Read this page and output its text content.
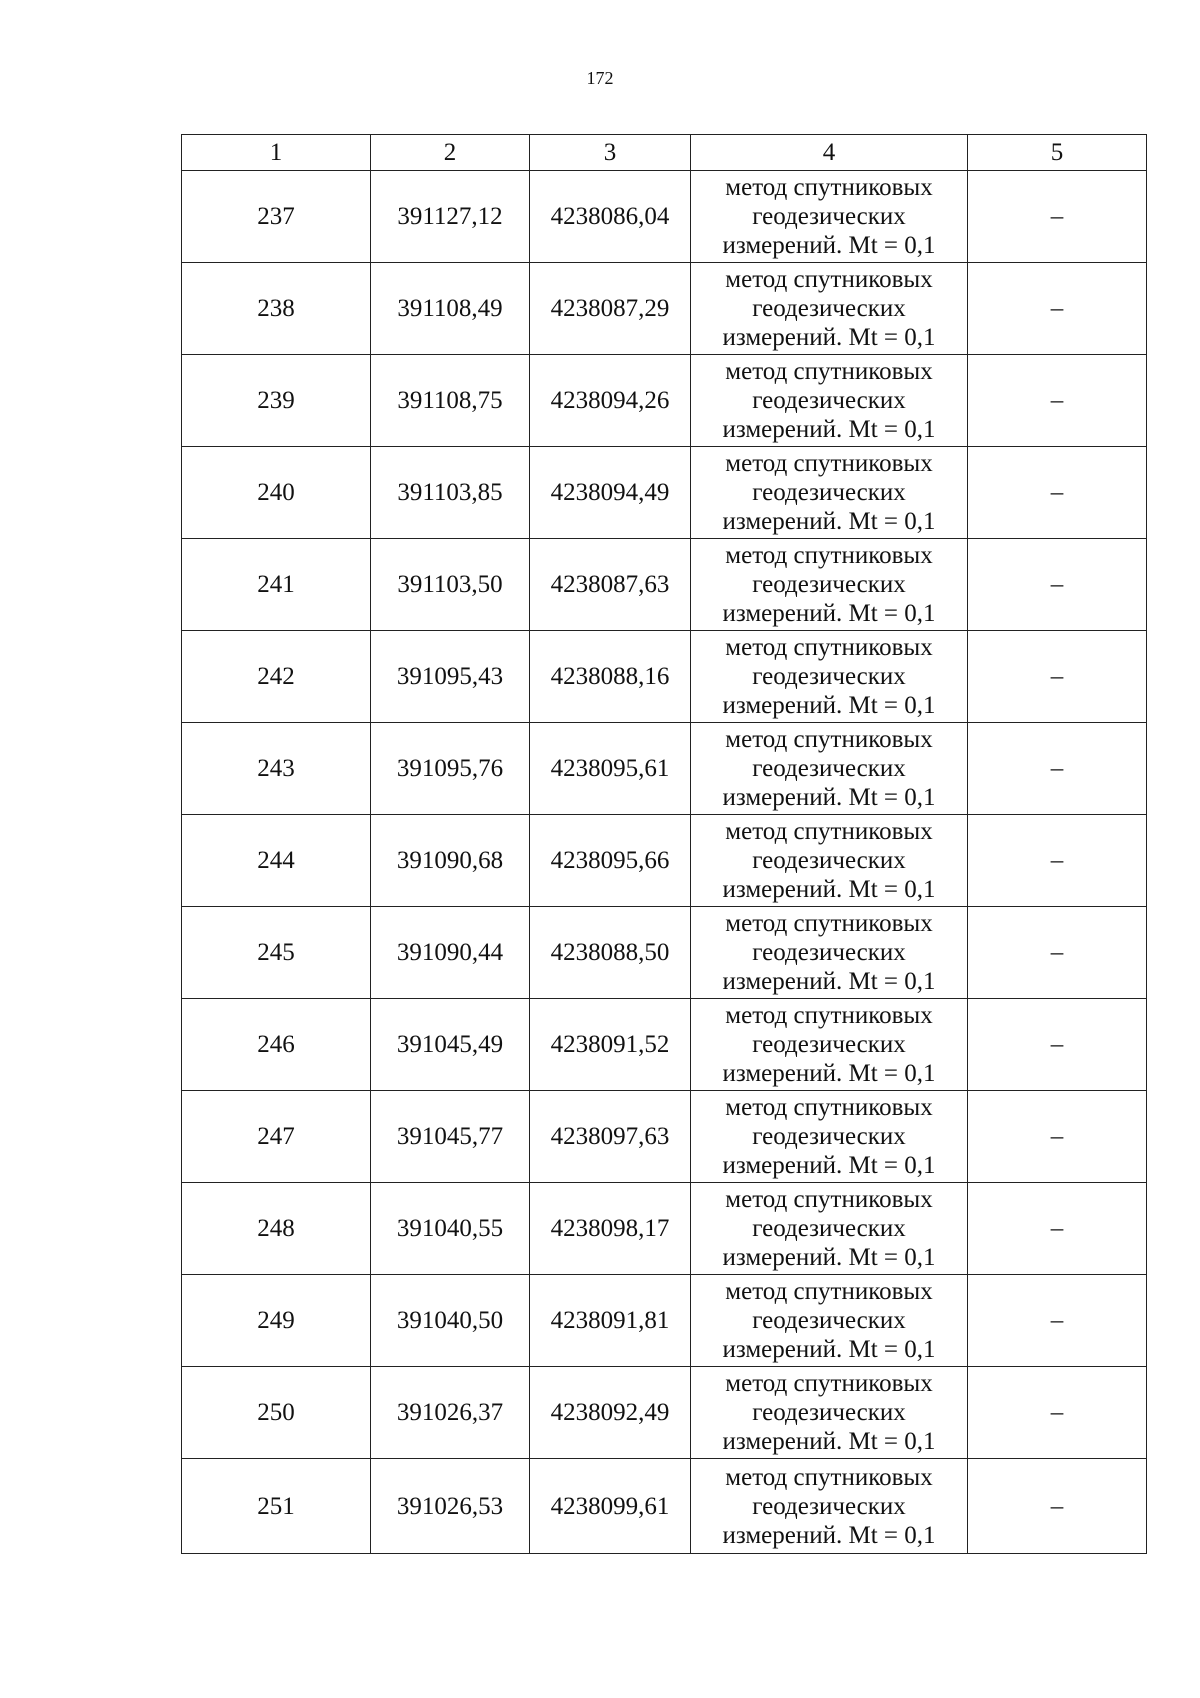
172
1	2	3	4	5
237	391127,12	4238086,04	метод спутниковых
геодезических
измерений. Mt = 0,1	–
238	391108,49	4238087,29	метод спутниковых
геодезических
измерений. Mt = 0,1	–
239	391108,75	4238094,26	метод спутниковых
геодезических
измерений. Mt = 0,1	–
240	391103,85	4238094,49	метод спутниковых
геодезических
измерений. Mt = 0,1	–
241	391103,50	4238087,63	метод спутниковых
геодезических
измерений. Mt = 0,1	–
242	391095,43	4238088,16	метод спутниковых
геодезических
измерений. Mt = 0,1	–
243	391095,76	4238095,61	метод спутниковых
геодезических
измерений. Mt = 0,1	–
244	391090,68	4238095,66	метод спутниковых
геодезических
измерений. Mt = 0,1	–
245	391090,44	4238088,50	метод спутниковых
геодезических
измерений. Mt = 0,1	–
246	391045,49	4238091,52	метод спутниковых
геодезических
измерений. Mt = 0,1	–
247	391045,77	4238097,63	метод спутниковых
геодезических
измерений. Mt = 0,1	–
248	391040,55	4238098,17	метод спутниковых
геодезических
измерений. Mt = 0,1	–
249	391040,50	4238091,81	метод спутниковых
геодезических
измерений. Mt = 0,1	–
250	391026,37	4238092,49	метод спутниковых
геодезических
измерений. Mt = 0,1	–
251	391026,53	4238099,61	метод спутниковых
геодезических
измерений. Mt = 0,1	–
